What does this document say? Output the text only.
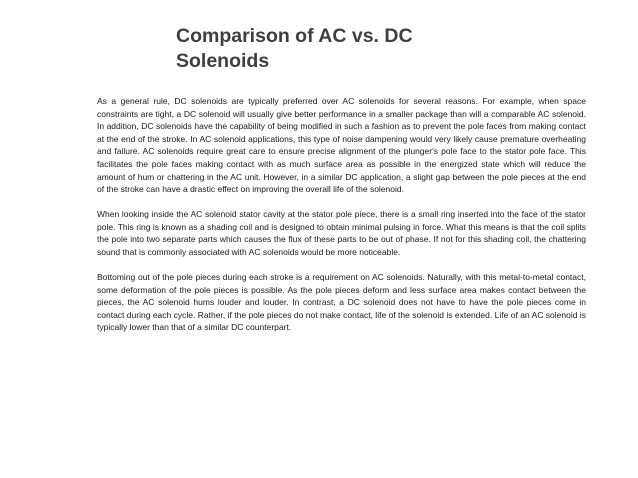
Comparison of AC vs. DC
Solenoids

As a general rule, DC solenoids are typically preferred over AC solenoids for several reasons. For example, when space constraints are tight, a DC solenoid will usually give better performance in a smaller package than will a comparable AC solenoid. In addition, DC solenoids have the capability of being modified in such a fashion as to prevent the pole faces from making contact at the end of the stroke. In AC solenoid applications, this type of noise dampening would very likely cause premature overheating and failure. AC solenoids require great care to ensure precise alignment of the plunger's pole face to the stator pole face. This facilitates the pole faces making contact with as much surface area as possible in the energized state which will reduce the amount of hum or chattering in the AC unit. However, in a similar DC application, a slight gap between the pole pieces at the end of the stroke can have a drastic effect on improving the overall life of the solenoid.

When looking inside the AC solenoid stator cavity at the stator pole piece, there is a small ring inserted into the face of the stator pole. This ring is known as a shading coil and is designed to obtain minimal pulsing in force. What this means is that the coil splits the pole into two separate parts which causes the flux of these parts to be out of phase. If not for this shading coil, the chattering sound that is commonly associated with AC solenoids would be more noticeable.

Bottoming out of the pole pieces during each stroke is a requirement on AC solenoids. Naturally, with this metal-to-metal contact, some deformation of the pole pieces is possible. As the pole pieces deform and less surface area makes contact between the pieces, the AC solenoid hums louder and louder. In contrast, a DC solenoid does not have to have the pole pieces come in contact during each cycle. Rather, if the pole pieces do not make contact, life of the solenoid is extended. Life of an AC solenoid is typically lower than that of a similar DC counterpart.
